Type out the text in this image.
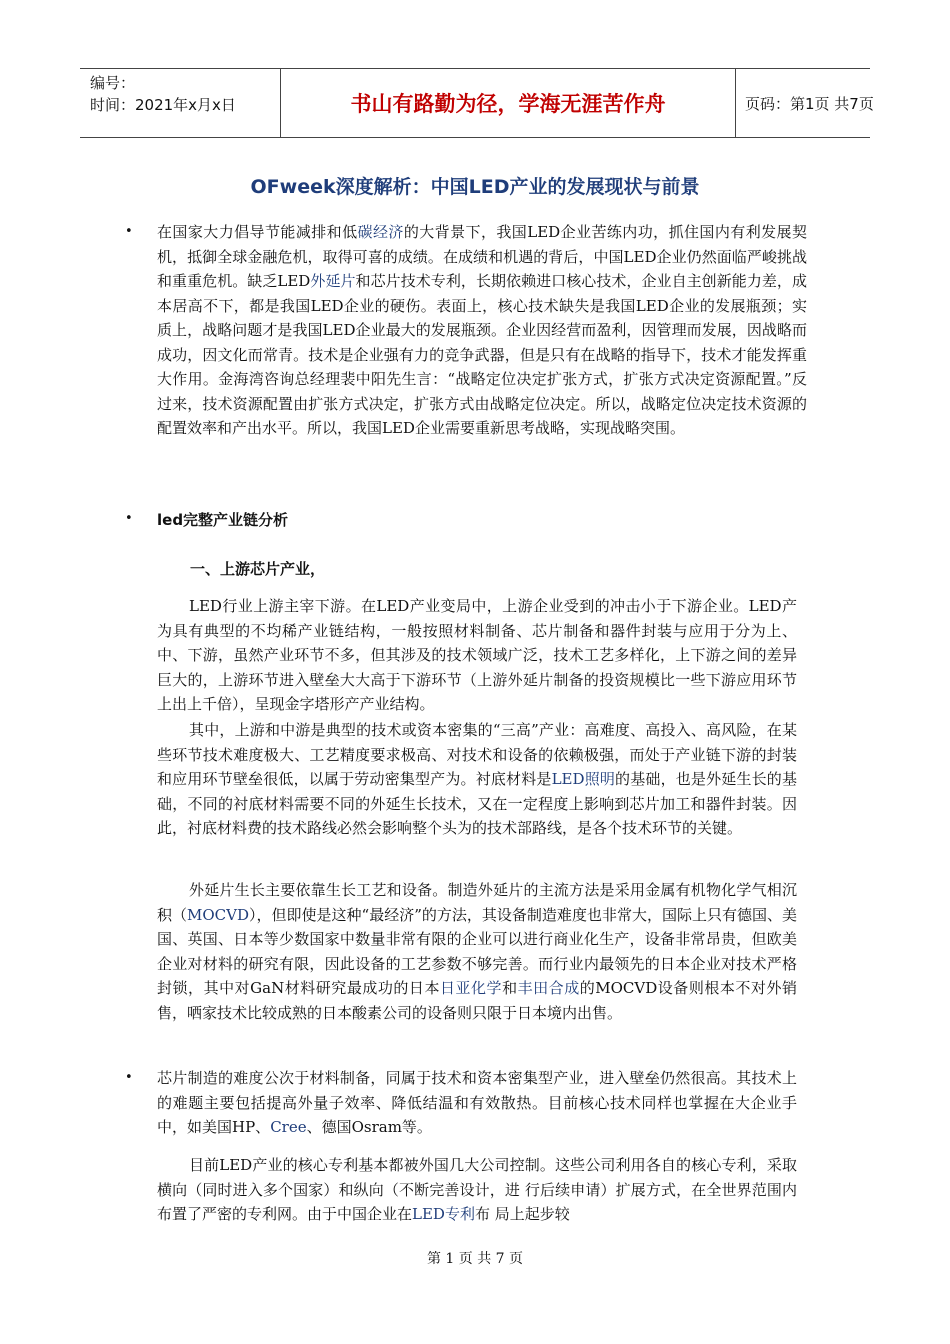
编号：
时间：2021年x月x日	书山有路勤为径，学海无涯苦作舟	页码：第1页 共7页
OFweek深度解析：中国LED产业的发展现状与前景
• 在国家大力倡导节能减排和低碳经济的大背景下，我国LED企业苦练内功，抓住国内有利发展契机，抵御全球金融危机，取得可喜的成绩。在成绩和机遇的背后，中国LED企业仍然面临严峻挑战和重重危机。缺乏LED外延片和芯片技术专利，长期依赖进口核心技术，企业自主创新能力差，成本居高不下，都是我国LED企业的硬伤。表面上，核心技术缺失是我国LED企业的发展瓶颈；实质上，战略问题才是我国LED企业最大的发展瓶颈。企业因经营而盈利，因管理而发展，因战略而成功，因文化而常青。技术是企业强有力的竞争武器，但是只有在战略的指导下，技术才能发挥重大作用。金海湾咨询总经理裴中阳先生言：“战略定位决定扩张方式，扩张方式决定资源配置。”反过来，技术资源配置由扩张方式决定，扩张方式由战略定位决定。所以，战略定位决定技术资源的配置效率和产出水平。所以，我国LED企业需要重新思考战略，实现战略突围。
• led完整产业链分析
一、上游芯片产业，
LED行业上游主宰下游。在LED产业变局中，上游企业受到的冲击小于下游企业。LED产为具有典型的不均稀产业链结构，一般按照材料制备、芯片制备和器件封装与应用于分为上、中、下游，虽然产业环节不多，但其涉及的技术领域广泛，技术工艺多样化，上下游之间的差异巨大的，上游环节进入壁垒大大高于下游环节（上游外延片制备的投资规模比一些下游应用环节上出上千倍），呈现金字塔形产产业结构。
其中，上游和中游是典型的技术或资本密集的“三高”产业：高难度、高投入、高风险，在某些环节技术难度极大、工艺精度要求极高、对技术和设备的依赖极强，而处于产业链下游的封装和应用环节壁垒很低，以属于劳动密集型产为。衬底材料是LED照明的基础，也是外延生长的基础，不同的衬底材料需要不同的外延生长技术，又在一定程度上影响到芯片加工和器件封装。因此，衬底材料费的技术路线必然会影响整个头为的技术部路线，是各个技术环节的关键。
外延片生长主要依靠生长工艺和设备。制造外延片的主流方法是采用金属有机物化学气相沉积（MOCVD），但即使是这种“最经济”的方法，其设备制造难度也非常大，国际上只有德国、美国、英国、日本等少数国家中数量非常有限的企业可以进行商业化生产，设备非常昂贵，但欧美企业对材料的研究有限，因此设备的工艺参数不够完善。而行业内最领先的日本企业对技术严格封锁，其中对GaN材料研究最成功的日本日亚化学和丰田合成的MOCVD设备则根本不对外销售，哂家技术比较成熟的日本酸素公司的设备则只限于日本境内出售。
• 芯片制造的难度公次于材料制备，同属于技术和资本密集型产业，进入壁垒仍然很高。其技术上的难题主要包括提高外量子效率、降低结温和有效散热。目前核心技术同样也掌握在大企业手中，如美国HP、Cree、德国Osram等。
目前LED产业的核心专利基本都被外国几大公司控制。这些公司利用各自的核心专利，采取横向（同时进入多个国家）和纵向（不断完善设计，进 行后续申请）扩展方式，在全世界范围内布置了严密的专利网。由于中国企业在LED专利布 局上起步较
第 1 页 共 7 页
